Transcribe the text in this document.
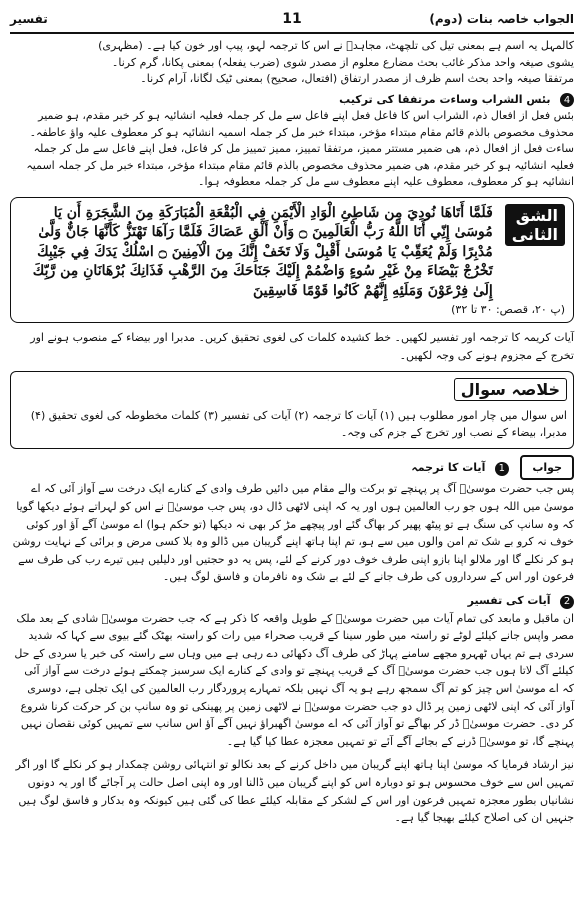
الجواب خاصہ بنات (دوم)
11
تفسیر
کالمہل یہ اسم ہے بمعنی تیل کی تلچھٹ، مجاہدؒ نے اس کا ترجمہ لہو، پیپ اور خون کیا ہے۔ (مظہری)
یشوی صیغہ واحد مذکر غائب بحث مضارع معلوم از مصدر شوی (ضرب یفعلہ) بمعنی پکانا، گرم کرنا۔
مرتفقا صیغہ واحد بحث اسم ظرف از مصدر ارتفاق (افتعال، صحیح) بمعنی ٹیک لگانا، آرام کرنا۔
4 بئس الشراب وساءت مرتفقا کی ترکیب
بئس فعل از افعال ذم، الشراب اس کا فاعل فعل اپنے فاعل سے مل کر جملہ فعلیہ انشائیہ ہو کر خبر مقدم، ہو ضمیر محذوف مخصوص بالذم قائم مقام مبتداء مؤخر، مبتداء خبر مل کر جملہ اسمیہ انشائیہ ہو کر معطوف علیہ واؤ عاطفہ۔
ساءت فعل از افعال ذم، ھی ضمیر مستتر ممیز، مرتفقا تمییز، ممیز تمییز مل کر فاعل، فعل اپنے فاعل سے مل کر جملہ فعلیہ انشائیہ ہو کر خبر مقدم، ھی ضمیر محذوف مخصوص بالذم قائم مقام مبتداء مؤخر، مبتداء خبر مل کر جملہ اسمیہ انشائیہ ہو کر معطوف، معطوف علیہ اپنے معطوف سے مل کر جملہ معطوفہ ہوا۔
الشق الثانی
فَلَمَّا أَتَاهَا نُودِيَ مِن شَاطِئِ الْوَادِ الْأَيْمَنِ فِي الْبُقْعَةِ الْمُبَارَكَةِ مِنَ الشَّجَرَةِ أَن يَا مُوسَىٰ إِنِّي أَنَا اللَّهُ رَبُّ الْعَالَمِينَ ۝ وَأَنْ أَلْقِ عَصَاكَ فَلَمَّا رَآهَا تَهْتَزُّ كَأَنَّهَا جَانٌّ وَلَّىٰ مُدْبِرًا وَلَمْ يُعَقِّبْ يَا مُوسَىٰ أَقْبِلْ وَلَا تَخَفْ إِنَّكَ مِنَ الْآمِنِينَ ۝ اسْلُكْ يَدَكَ فِي جَيْبِكَ تَخْرُجْ بَيْضَاءَ مِنْ غَيْرِ سُوءٍ وَاضْمُمْ إِلَيْكَ جَنَاحَكَ مِنَ الرَّهْبِ فَذَانِكَ بُرْهَانَانِ مِن رَّبِّكَ إِلَىٰ فِرْعَوْنَ وَمَلَئِهِ إِنَّهُمْ كَانُوا قَوْمًا فَاسِقِينَ
(پ ۲۰، قصص: ۳۰ تا ۳۲)
آیات کریمہ کا ترجمہ اور تفسیر لکھیں۔ خط کشیدہ کلمات کی لغوی تحقیق کریں۔ مدبرا اور بیضاء کے منصوب ہونے اور تخرج کے مجزوم ہونے کی وجہ لکھیں۔
خلاصہ سوال
اس سوال میں چار امور مطلوب ہیں (۱) آیات کا ترجمہ (۲) آیات کی تفسیر (۳) کلمات مخطوطہ کی لغوی تحقیق (۴) مدبرا، بیضاء کے نصب اور تخرج کے جزم کی وجہ۔
جواب 1 آیات کا ترجمہ
پس جب حضرت موسیٰؑ آگ پر پہنچے تو برکت والے مقام میں دائیں طرف وادی کے کنارے ایک درخت سے آواز آئی کہ اے موسیٰ میں اللہ ہوں جو رب العالمین ہوں اور یہ کہ اپنی لاٹھی ڈال دو، پس جب موسیٰؑ نے اس کو لہراتے ہوئے دیکھا گویا کہ وہ سانپ کی سنگ ہے تو پیٹھ پھیر کر بھاگ گئے اور پیچھے مڑ کر بھی نہ دیکھا (تو حکم ہوا) اے موسیٰ آگے آؤ اور کوئی خوف نہ کرو بے شک تم امن والوں میں سے ہو، تم اپنا ہاتھ اپنے گریبان میں ڈالو وہ بلا کسی مرض و برائی کے نہایت روشن ہو کر نکلے گا اور ملالو اپنا بازو اپنی طرف خوف دور کرنے کے لئے، پس یہ دو حجتیں اور دلیلیں ہیں تیرے رب کی طرف سے فرعون اور اس کے سرداروں کی طرف جانے کے لئے بے شک وہ نافرمان و فاسق لوگ ہیں۔
2 آیات کی تفسیر
ان ماقبل و مابعد کی تمام آیات میں حضرت موسیٰؑ کے طویل واقعہ کا ذکر ہے کہ جب حضرت موسیٰؑ شادی کے بعد ملک مصر واپس جانے کیلئے لوٹے تو راستہ میں طور سینا کے قریب صحراء میں رات کو راستہ بھٹک گئے بیوی سے کہا کہ شدید سردی ہے تم یہاں ٹھہرو مجھے سامنے پہاڑ کی طرف آگ دکھائی دے رہی ہے میں وہاں سے راستہ کی خبر یا سردی کے حل کیلئے آگ لاتا ہوں جب حضرت موسیٰؑ آگ کے قریب پہنچے تو وادی کے کنارے ایک سرسبز چمکتے ہوئے درخت سے آواز آئی کہ اے موسیٰ اس چیز کو تم آگ سمجھ رہے ہو یہ آگ نہیں بلکہ تمہارے پروردگار رب العالمین کی ایک تجلی ہے، دوسری آواز آئی کہ اپنی لاٹھی زمین پر ڈال دو جب حضرت موسیٰؑ نے لاٹھی زمین پر پھینکی تو وہ سانپ بن کر حرکت کرنا شروع کر دی۔ حضرت موسیٰؑ ڈر کر بھاگے تو آواز آئی کہ اے موسیٰ اگھبراؤ نہیں آگے آؤ اس سانپ سے تمہیں کوئی نقصان نہیں پہنچے گا، تو موسیٰؑ ڈرنے کے بجائے آگے آئے تو تمہیں معجزہ عطا کیا گیا ہے۔
نیز ارشاد فرمایا کہ موسیٰ اپنا ہاتھ اپنے گریبان میں داخل کرنے کے بعد نکالو تو انتہائی روشن چمکدار ہو کر نکلے گا اور اگر تمہیں اس سے خوف محسوس ہو تو دوبارہ اس کو اپنے گریبان میں ڈالنا اور وہ اپنی اصل حالت پر آجائے گا اور یہ دونوں نشانیاں بطور معجزہ تمہیں فرعون اور اس کے لشکر کے مقابلہ کیلئے عطا کی گئی ہیں کیونکہ وہ بدکار و فاسق لوگ ہیں جنہیں ان کی اصلاح کیلئے بھیجا گیا ہے۔
